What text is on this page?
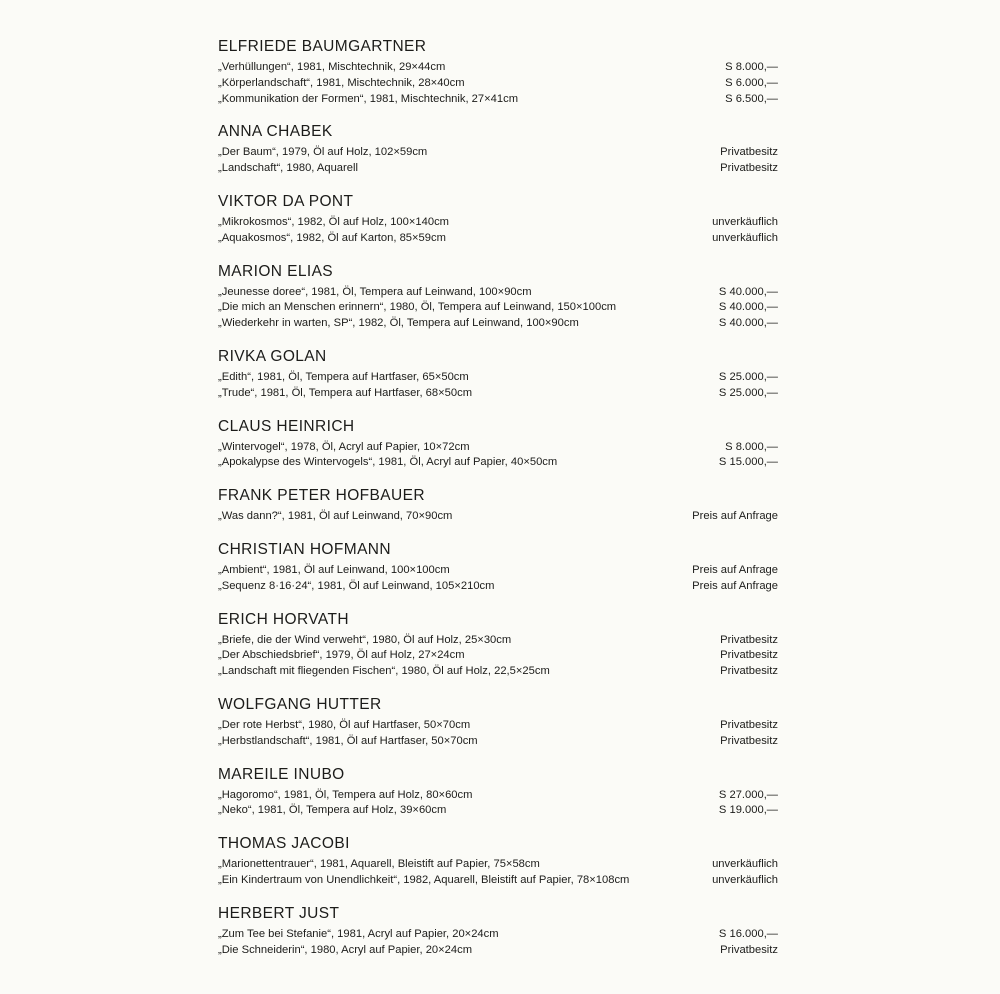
ELFRIEDE BAUMGARTNER
„Verhüllungen“, 1981, Mischtechnik, 29×44cm	S 8.000,—
„Körperlandschaft“, 1981, Mischtechnik, 28×40cm	S 6.000,—
„Kommunikation der Formen“, 1981, Mischtechnik, 27×41cm	S 6.500,—
ANNA CHABEK
„Der Baum“, 1979, Öl auf Holz, 102×59cm	Privatbesitz
„Landschaft“, 1980, Aquarell	Privatbesitz
VIKTOR DA PONT
„Mikrokosmos“, 1982, Öl auf Holz, 100×140cm	unverkäuflich
„Aquakosmos“, 1982, Öl auf Karton, 85×59cm	unverkäuflich
MARION ELIAS
„Jeunesse doree“, 1981, Öl, Tempera auf Leinwand, 100×90cm	S 40.000,—
„Die mich an Menschen erinnern“, 1980, Öl, Tempera auf Leinwand, 150×100cm	S 40.000,—
„Wiederkehr in warten, SP“, 1982, Öl, Tempera auf Leinwand, 100×90cm	S 40.000,—
RIVKA GOLAN
„Edith“, 1981, Öl, Tempera auf Hartfaser, 65×50cm	S 25.000,—
„Trude“, 1981, Öl, Tempera auf Hartfaser, 68×50cm	S 25.000,—
CLAUS HEINRICH
„Wintervogel“, 1978, Öl, Acryl auf Papier, 10×72cm	S 8.000,—
„Apokalypse des Wintervogels“, 1981, Öl, Acryl auf Papier, 40×50cm	S 15.000,—
FRANK PETER HOFBAUER
„Was dann?“, 1981, Öl auf Leinwand, 70×90cm	Preis auf Anfrage
CHRISTIAN HOFMANN
„Ambient“, 1981, Öl auf Leinwand, 100×100cm	Preis auf Anfrage
„Sequenz 8·16·24“, 1981, Öl auf Leinwand, 105×210cm	Preis auf Anfrage
ERICH HORVATH
„Briefe, die der Wind verweht“, 1980, Öl auf Holz, 25×30cm	Privatbesitz
„Der Abschiedsbrief“, 1979, Öl auf Holz, 27×24cm	Privatbesitz
„Landschaft mit fliegenden Fischen“, 1980, Öl auf Holz, 22,5×25cm	Privatbesitz
WOLFGANG HUTTER
„Der rote Herbst“, 1980, Öl auf Hartfaser, 50×70cm	Privatbesitz
„Herbstlandschaft“, 1981, Öl auf Hartfaser, 50×70cm	Privatbesitz
MAREILE INUBO
„Hagoromo“, 1981, Öl, Tempera auf Holz, 80×60cm	S 27.000,—
„Neko“, 1981, Öl, Tempera auf Holz, 39×60cm	S 19.000,—
THOMAS JACOBI
„Marionettentrauer“, 1981, Aquarell, Bleistift auf Papier, 75×58cm	unverkäuflich
„Ein Kindertraum von Unendlichkeit“, 1982, Aquarell, Bleistift auf Papier, 78×108cm	unverkäuflich
HERBERT JUST
„Zum Tee bei Stefanie“, 1981, Acryl auf Papier, 20×24cm	S 16.000,—
„Die Schneiderin“, 1980, Acryl auf Papier, 20×24cm	Privatbesitz
